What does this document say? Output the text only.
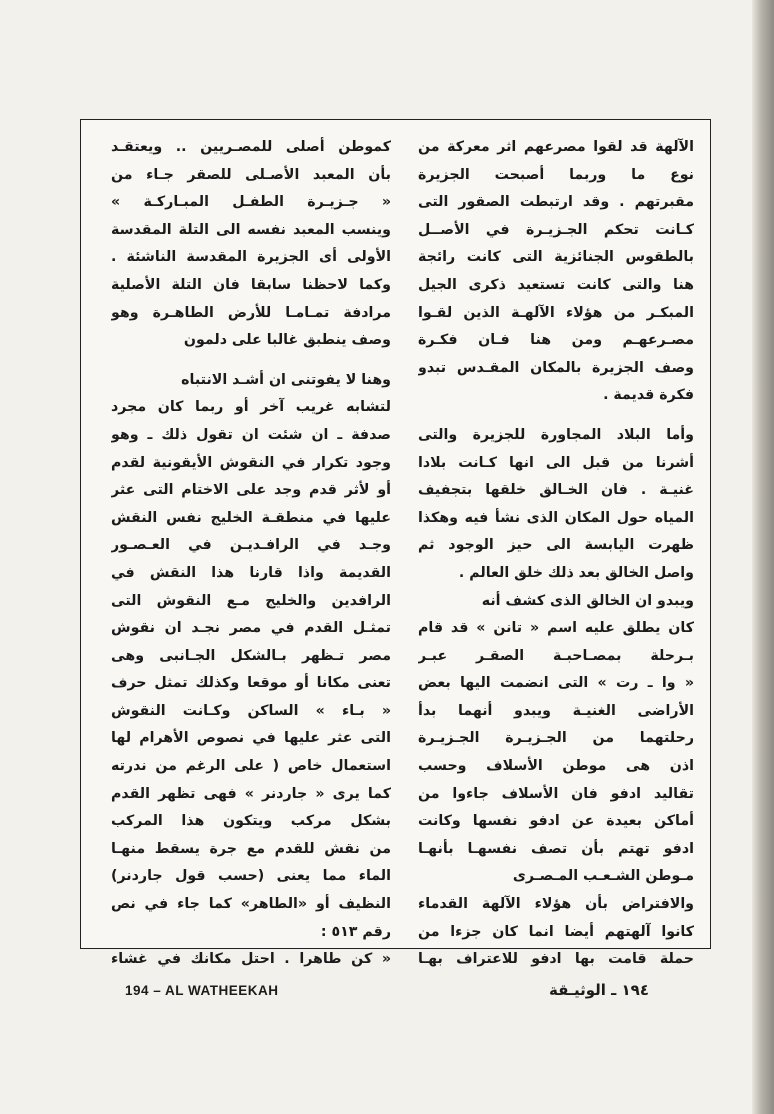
الآلهة قد لقوا مصرعهم اثر معركة من
نوع ما وربما أصبحت الجزيرة
مقبرتهم . وقد ارتبطت الصقور التى
كـانت تحكم الجـزيـرة في الأصــل
بالطقوس الجنائزية التى كانت رائجة
هنا والتى كانت تستعيد ذكرى الجيل
المبكـر من هؤلاء الآلهـة الذين لقـوا
مصـرعهـم ومن هنا فـان فكـرة
وصف الجزيرة بالمكان المقـدس تبدو
فكرة قديمة .
وأما البلاد المجاورة للجزيرة والتى
أشرنا من قبل الى انها كـانت بلادا
غنيـة . فان الخـالق خلقها بتجفيف
المياه حول المكان الذى نشأ فيه وهكذا
ظهرت اليابسة الى حيز الوجود ثم
واصل الخالق بعد ذلك خلق العالم .
ويبدو ان الخالق الذى كشف أنه
كان يطلق عليه اسم « تانن » قد قام
بـرحلة بمصـاحبـة الصقـر عبـر
« وا ـ رت » التى انضمت اليها بعض
الأراضى الغنيـة ويبدو أنهما بدأ
رحلتهما من الجـزيـرة الجـزيـرة
اذن هى موطن الأسلاف وحسب
تقاليد ادفو فان الأسلاف جاءوا من
أماكن بعيدة عن ادفو نفسها وكانت
ادفو تهتم بأن تصف نفسهـا بأنهـا
مـوطن الشـعـب المـصـرى
والافتراض بأن هؤلاء الآلهة القدماء
كانوا آلهتهم أيضا انما كان جزءا من
حملة قامت بها ادفو للاعتراف بهـا
كموطن أصلى للمصـريين .. ويعتقـد
بأن المعبد الأصـلى للصقر جـاء من
« جـزيـرة الطفـل المبـاركـة »
وينسب المعبد نفسه الى التلة المقدسة
الأولى أى الجزيرة المقدسة الناشئة .
وكما لاحظنا سابقا فان التلة الأصلية
مرادفة تمـامـا للأرض الطاهـرة وهو
وصف ينطبق غالبا على دلمون
وهنا لا يفوتنى ان أشـد الانتباه
لتشابه غريب آخر أو ربما كان مجرد
صدفة ـ ان شئت ان تقول ذلك ـ وهو
وجود تكرار في النقوش الأيقونية لقدم
أو لأثر قدم وجد على الاختام التى عثر
عليها في منطقـة الخليج نفس النقش
وجـد في الرافـديـن في العـصـور
القديمة واذا قارنا هذا النقش في
الرافدين والخليج مـع النقوش التى
تمثـل القدم في مصر نجـد ان نقوش
مصر تـظهر بـالشكل الجـانبى وهى
تعنى مكانا أو موقعا وكذلك تمثل حرف
« بـاء » الساكن وكـانت النقوش
التى عثر عليها في نصوص الأهرام لها
استعمال خاص ( على الرغم من ندرته
كما يرى « جاردنر » فهى تظهر القدم
بشكل مركب ويتكون هذا المركب
من نقش للقدم مع جرة يسقط منهـا
الماء مما يعنى (حسب قول جاردنر)
النظيف أو «الطاهر» كما جاء في نص
رقم ٥١٣ :
« كن طاهرا . احتل مكانك في غشاء
194 – AL WATHEEKAH	١٩٤ ـ الوثيـقة
